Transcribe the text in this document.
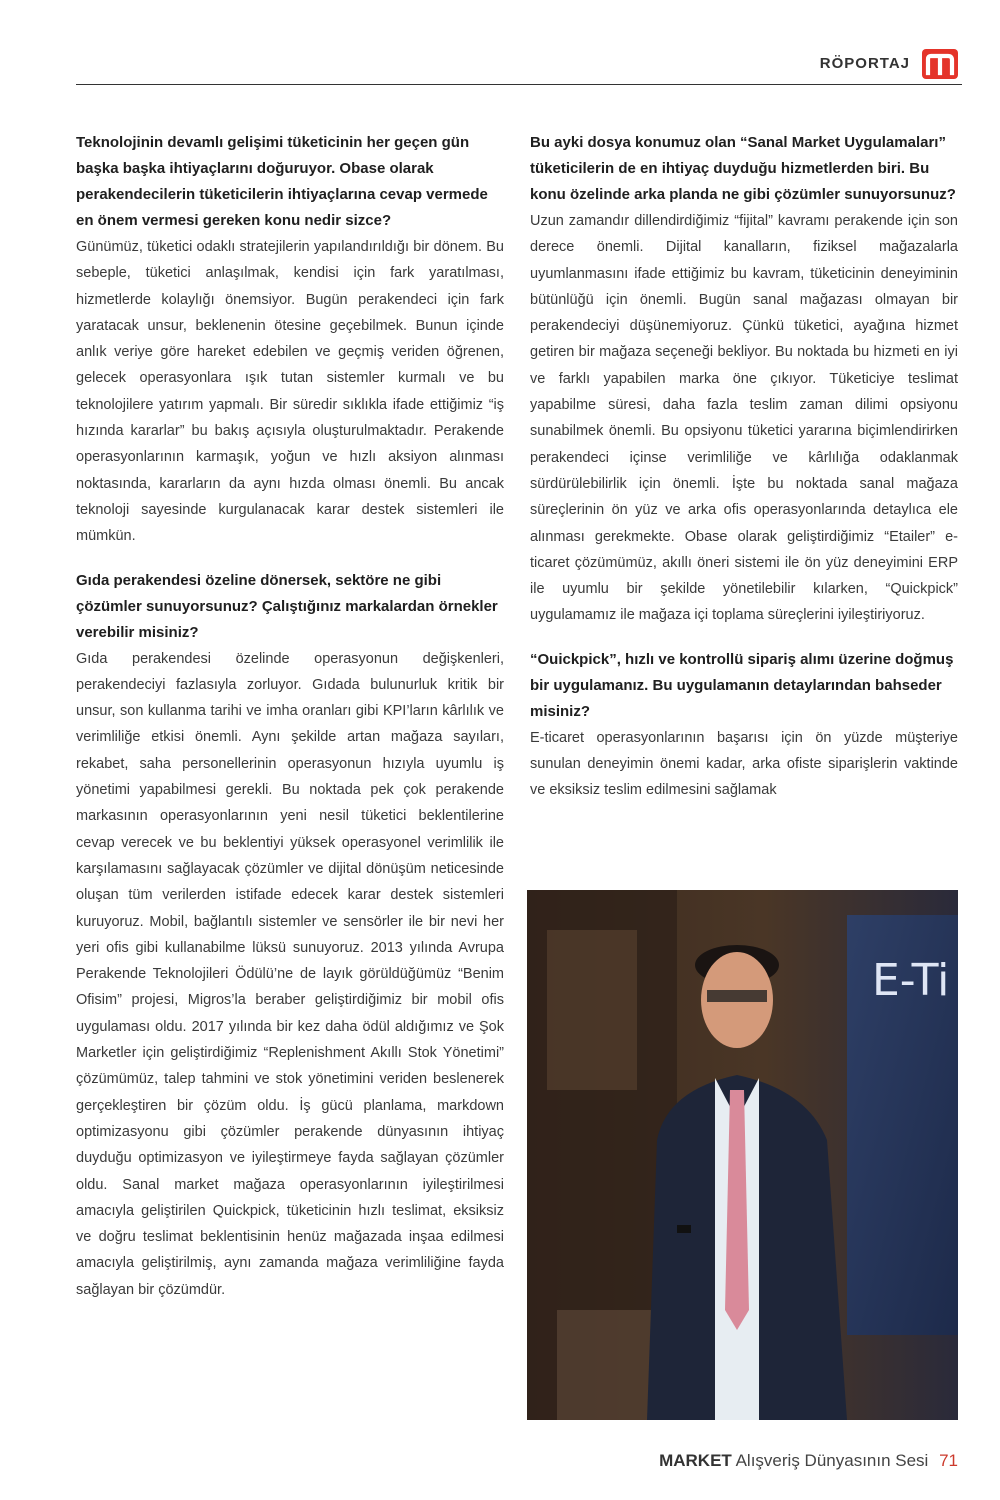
RÖPORTAJ

Teknolojinin devamlı gelişimi tüketicinin her geçen gün başka başka ihtiyaçlarını doğuruyor. Obase olarak perakendecilerin tüketicilerin ihtiyaçlarına cevap vermede en önem vermesi gereken konu nedir sizce?

Günümüz, tüketici odaklı stratejilerin yapılandırıldığı bir dönem. Bu sebeple, tüketici anlaşılmak, kendisi için fark yaratılması, hizmetlerde kolaylığı önemsiyor. Bugün perakendeci için fark yaratacak unsur, beklenenin ötesine geçebilmek. Bunun içinde anlık veriye göre hareket edebilen ve geçmiş veriden öğrenen, gelecek operasyonlara ışık tutan sistemler kurmalı ve bu teknolojilere yatırım yapmalı. Bir süredir sıklıkla ifade ettiğimiz “iş hızında kararlar” bu bakış açısıyla oluşturulmaktadır. Perakende operasyonlarının karmaşık, yoğun ve hızlı aksiyon alınması noktasında, kararların da aynı hızda olması önemli. Bu ancak teknoloji sayesinde kurgulanacak karar destek sistemleri ile mümkün.

Gıda perakendesi özeline dönersek, sektöre ne gibi çözümler sunuyorsunuz? Çalıştığınız markalardan örnekler verebilir misiniz?

Gıda perakendesi özelinde operasyonun değişkenleri, perakendeciyi fazlasıyla zorluyor. Gıdada bulunurluk kritik bir unsur, son kullanma tarihi ve imha oranları gibi KPI’ların kârlılık ve verimliliğe etkisi önemli. Aynı şekilde artan mağaza sayıları, rekabet, saha personellerinin operasyonun hızıyla uyumlu iş yönetimi yapabilmesi gerekli. Bu noktada pek çok perakende markasının operasyonlarının yeni nesil tüketici beklentilerine cevap verecek ve bu beklentiyi yüksek operasyonel verimlilik ile karşılamasını sağlayacak çözümler ve dijital dönüşüm neticesinde oluşan tüm verilerden istifade edecek karar destek sistemleri kuruyoruz. Mobil, bağlantılı sistemler ve sensörler ile bir nevi her yeri ofis gibi kullanabilme lüksü sunuyoruz. 2013 yılında Avrupa Perakende Teknolojileri Ödülü’ne de layık görüldüğümüz “Benim Ofisim” projesi, Migros’la beraber geliştirdiğimiz bir mobil ofis uygulaması oldu. 2017 yılında bir kez daha ödül aldığımız ve Şok Marketler için geliştirdiğimiz “Replenishment Akıllı Stok Yönetimi” çözümümüz, talep tahmini ve stok yönetimini veriden beslenerek gerçekleştiren bir çözüm oldu. İş gücü planlama, markdown optimizasyonu gibi çözümler perakende dünyasının ihtiyaç duyduğu optimizasyon ve iyileştirmeye fayda sağlayan çözümler oldu. Sanal market mağaza operasyonlarının iyileştirilmesi amacıyla geliştirilen Quickpick, tüketicinin hızlı teslimat, eksiksiz ve doğru teslimat beklentisinin henüz mağazada inşaa edilmesi amacıyla geliştirilmiş, aynı zamanda mağaza verimliliğine fayda sağlayan bir çözümdür.

Bu ayki dosya konumuz olan “Sanal Market Uygulamaları” tüketicilerin de en ihtiyaç duyduğu hizmetlerden biri. Bu konu özelinde arka planda ne gibi çözümler sunuyorsunuz?

Uzun zamandır dillendirdiğimiz “fijital” kavramı perakende için son derece önemli. Dijital kanalların, fiziksel mağazalarla uyumlanmasını ifade ettiğimiz bu kavram, tüketicinin deneyiminin bütünlüğü için önemli. Bugün sanal mağazası olmayan bir perakendeciyi düşünemiyoruz. Çünkü tüketici, ayağına hizmet getiren bir mağaza seçeneği bekliyor. Bu noktada bu hizmeti en iyi ve farklı yapabilen marka öne çıkıyor. Tüketiciye teslimat yapabilme süresi, daha fazla teslim zaman dilimi opsiyonu sunabilmek önemli. Bu opsiyonu tüketici yararına biçimlendirirken perakendeci içinse verimliliğe ve kârlılığa odaklanmak sürdürülebilirlik için önemli. İşte bu noktada sanal mağaza süreçlerinin ön yüz ve arka ofis operasyonlarında detaylıca ele alınması gerekmekte. Obase olarak geliştirdiğimiz “Etailer” e-ticaret çözümümüz, akıllı öneri sistemi ile ön yüz deneyimini ERP ile uyumlu bir şekilde yönetilebilir kılarken, “Quickpick” uygulamamız ile mağaza içi toplama süreçlerini iyileştiriyoruz.

“Ouickpick”, hızlı ve kontrollü sipariş alımı üzerine doğmuş bir uygulamanız. Bu uygulamanın detaylarından bahseder misiniz?

E-ticaret operasyonlarının başarısı için ön yüzde müşteriye sunulan deneyimin önemi kadar, arka ofiste siparişlerin vaktinde ve eksiksiz teslim edilmesini sağlamak

E-Ti
MARKET Alışveriş Dünyasının Sesi 71
